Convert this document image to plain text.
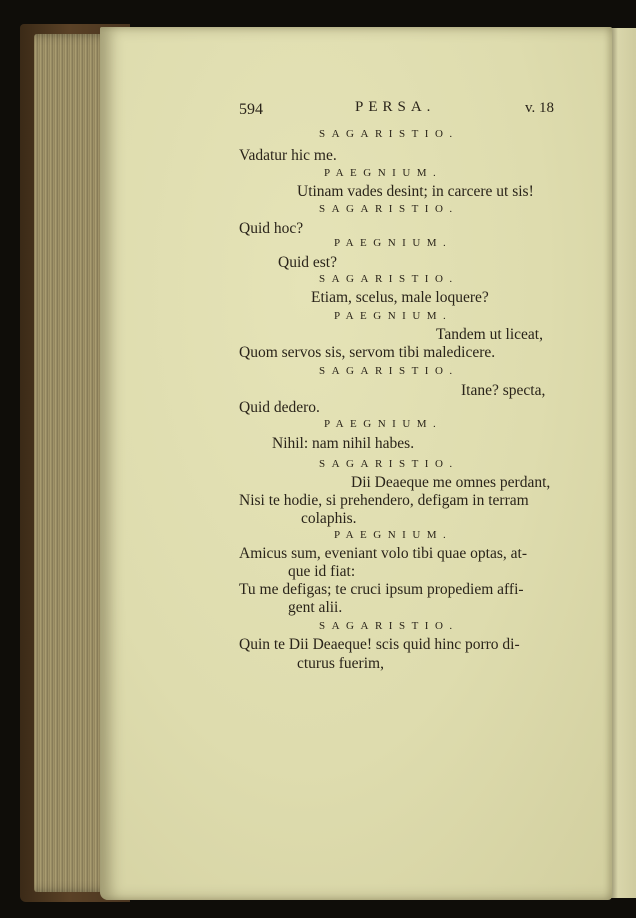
594	PERSA.	v. 18
SAGARISTIO.
Vadatur hic me.
PAEGNIUM.
Utinam vades desint; in carcere ut sis!
SAGARISTIO.
Quid hoc?
PAEGNIUM.
Quid est?
SAGARISTIO.
Etiam, scelus, male loquere?
PAEGNIUM.
Tandem ut liceat,
Quom servos sis, servom tibi maledicere.
SAGARISTIO.
Itane? specta,
Quid dedero.
PAEGNIUM.
Nihil: nam nihil habes.
SAGARISTIO.
Dii Deaeque me omnes perdant,
Nisi te hodie, si prehendero, defigam in terram
colaphis.
PAEGNIUM.
Amicus sum, eveniant volo tibi quae optas, at-
que id fiat:
Tu me defigas; te cruci ipsum propediem affi-
gent alii.
SAGARISTIO.
Quin te Dii Deaeque! scis quid hinc porro di-
cturus fuerim,
